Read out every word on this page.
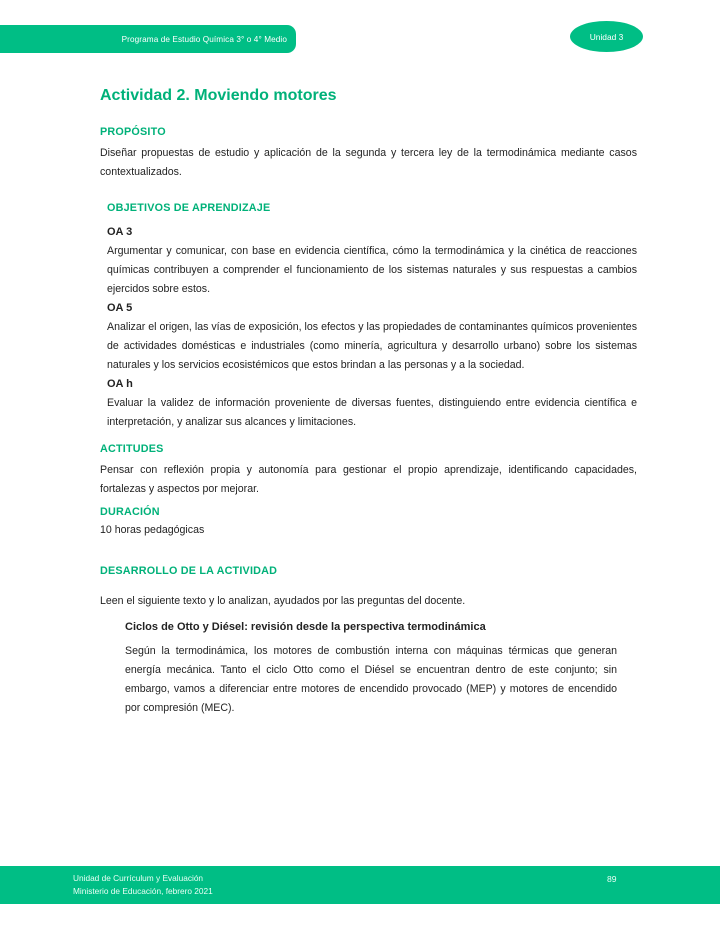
Programa de Estudio Química 3° o 4° Medio	Unidad 3
Actividad 2. Moviendo motores

PROPÓSITO

Diseñar propuestas de estudio y aplicación de la segunda y tercera ley de la termodinámica mediante casos contextualizados.

OBJETIVOS DE APRENDIZAJE

OA 3

Argumentar y comunicar, con base en evidencia científica, cómo la termodinámica y la cinética de reacciones químicas contribuyen a comprender el funcionamiento de los sistemas naturales y sus respuestas a cambios ejercidos sobre estos.

OA 5

Analizar el origen, las vías de exposición, los efectos y las propiedades de contaminantes químicos provenientes de actividades domésticas e industriales (como minería, agricultura y desarrollo urbano) sobre los sistemas naturales y los servicios ecosistémicos que estos brindan a las personas y a la sociedad.

OA h

Evaluar la validez de información proveniente de diversas fuentes, distinguiendo entre evidencia científica e interpretación, y analizar sus alcances y limitaciones.

ACTITUDES

Pensar con reflexión propia y autonomía para gestionar el propio aprendizaje, identificando capacidades, fortalezas y aspectos por mejorar.

DURACIÓN

10 horas pedagógicas

DESARROLLO DE LA ACTIVIDAD

Leen el siguiente texto y lo analizan, ayudados por las preguntas del docente.

Ciclos de Otto y Diésel: revisión desde la perspectiva termodinámica

Según la termodinámica, los motores de combustión interna con máquinas térmicas que generan energía mecánica. Tanto el ciclo Otto como el Diésel se encuentran dentro de este conjunto; sin embargo, vamos a diferenciar entre motores de encendido provocado (MEP) y motores de encendido por compresión (MEC).

Unidad de Currículum y Evaluación
Ministerio de Educación, febrero 2021
89
